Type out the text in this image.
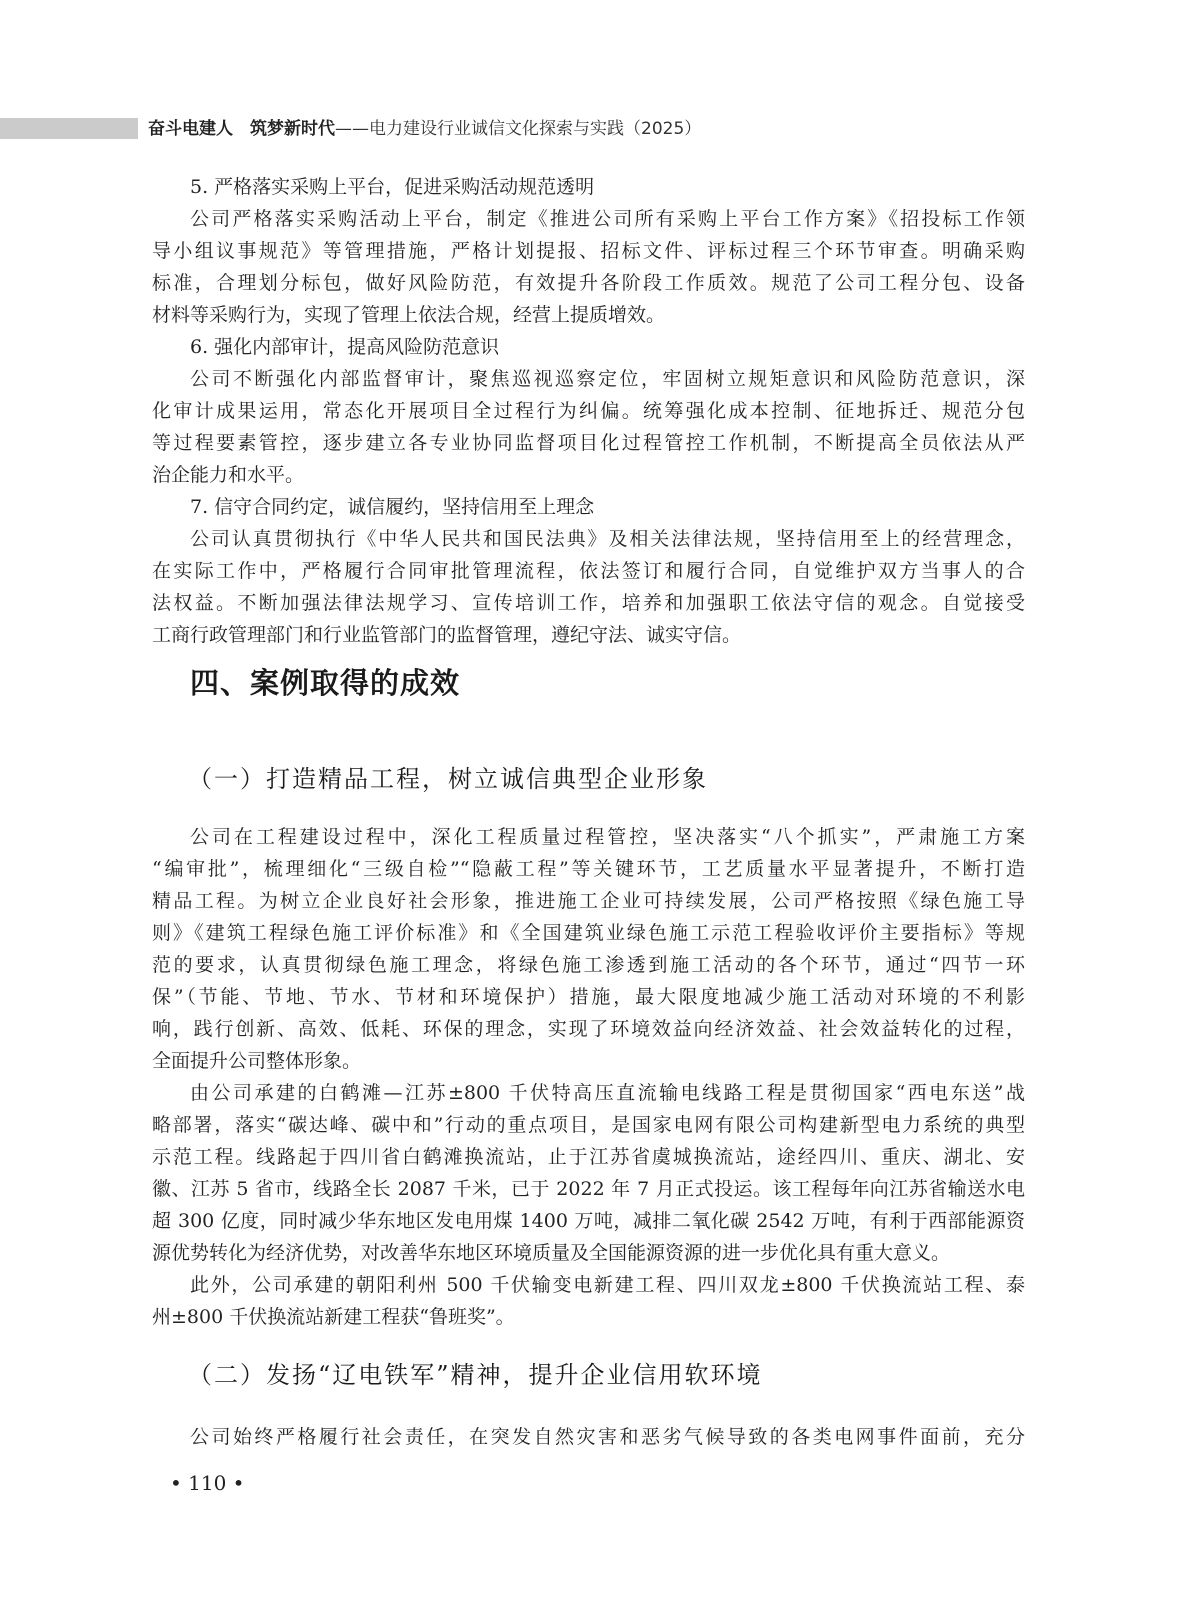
奋斗电建人　筑梦新时代——电力建设行业诚信文化探索与实践（2025）
5. 严格落实采购上平台，促进采购活动规范透明
公司严格落实采购活动上平台，制定《推进公司所有采购上平台工作方案》《招投标工作领
导小组议事规范》等管理措施，严格计划提报、招标文件、评标过程三个环节审查。明确采购
标准，合理划分标包，做好风险防范，有效提升各阶段工作质效。规范了公司工程分包、设备
材料等采购行为，实现了管理上依法合规，经营上提质增效。
6. 强化内部审计，提高风险防范意识
公司不断强化内部监督审计，聚焦巡视巡察定位，牢固树立规矩意识和风险防范意识，深
化审计成果运用，常态化开展项目全过程行为纠偏。统筹强化成本控制、征地拆迁、规范分包
等过程要素管控，逐步建立各专业协同监督项目化过程管控工作机制，不断提高全员依法从严
治企能力和水平。
7. 信守合同约定，诚信履约，坚持信用至上理念
公司认真贯彻执行《中华人民共和国民法典》及相关法律法规，坚持信用至上的经营理念，
在实际工作中，严格履行合同审批管理流程，依法签订和履行合同，自觉维护双方当事人的合
法权益。不断加强法律法规学习、宣传培训工作，培养和加强职工依法守信的观念。自觉接受
工商行政管理部门和行业监管部门的监督管理，遵纪守法、诚实守信。
四、案例取得的成效
（一）打造精品工程，树立诚信典型企业形象
公司在工程建设过程中，深化工程质量过程管控，坚决落实“八个抓实”，严肃施工方案
“编审批”，梳理细化“三级自检”“隐蔽工程”等关键环节，工艺质量水平显著提升，不断打造
精品工程。为树立企业良好社会形象，推进施工企业可持续发展，公司严格按照《绿色施工导
则》《建筑工程绿色施工评价标准》和《全国建筑业绿色施工示范工程验收评价主要指标》等规
范的要求，认真贯彻绿色施工理念，将绿色施工渗透到施工活动的各个环节，通过“四节一环
保”（节能、节地、节水、节材和环境保护）措施，最大限度地减少施工活动对环境的不利影
响，践行创新、高效、低耗、环保的理念，实现了环境效益向经济效益、社会效益转化的过程，
全面提升公司整体形象。
由公司承建的白鹤滩—江苏±800 千伏特高压直流输电线路工程是贯彻国家“西电东送”战
略部署，落实“碳达峰、碳中和”行动的重点项目，是国家电网有限公司构建新型电力系统的典型
示范工程。线路起于四川省白鹤滩换流站，止于江苏省虞城换流站，途经四川、重庆、湖北、安
徽、江苏 5 省市，线路全长 2087 千米，已于 2022 年 7 月正式投运。该工程每年向江苏省输送水电
超 300 亿度，同时减少华东地区发电用煤 1400 万吨，减排二氧化碳 2542 万吨，有利于西部能源资
源优势转化为经济优势，对改善华东地区环境质量及全国能源资源的进一步优化具有重大意义。
此外，公司承建的朝阳利州 500 千伏输变电新建工程、四川双龙±800 千伏换流站工程、泰
州±800 千伏换流站新建工程获“鲁班奖”。
（二）发扬“辽电铁军”精神，提升企业信用软环境
公司始终严格履行社会责任，在突发自然灾害和恶劣气候导致的各类电网事件面前，充分
• 110 •
